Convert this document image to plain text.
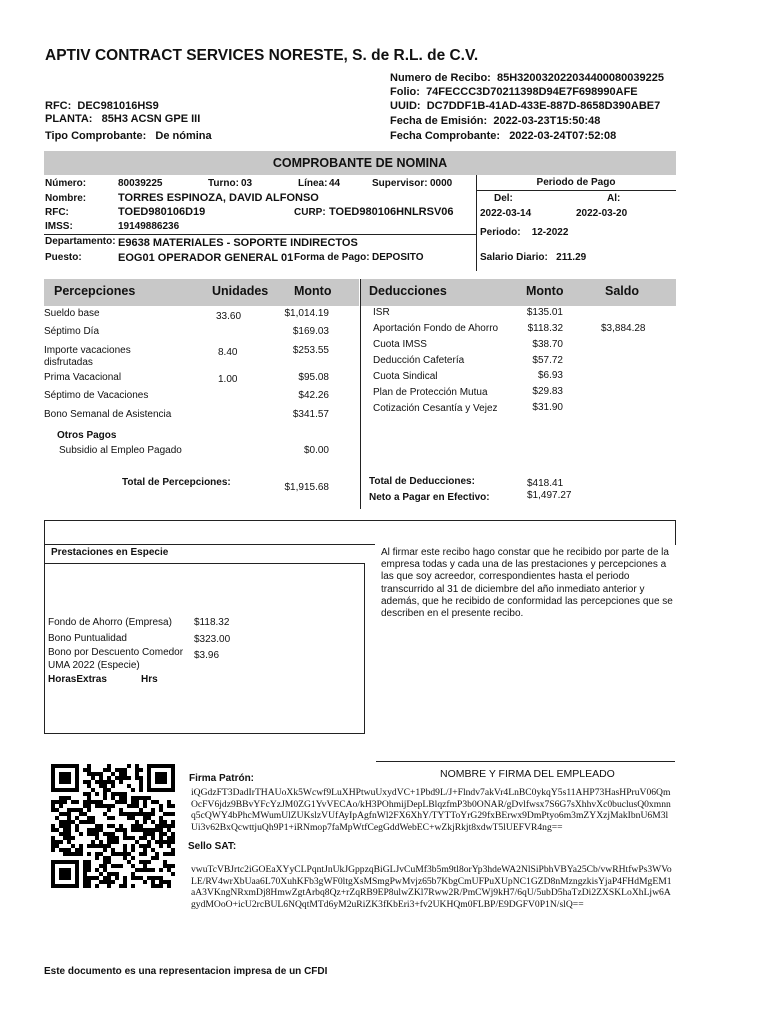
APTIV CONTRACT SERVICES NORESTE, S. de R.L. de C.V.
RFC: DEC981016HS9
PLANTA: 85H3 ACSN GPE III
Tipo Comprobante: De nómina
Numero de Recibo: 85H320032022034400080039225
Folio: 74FECCC3D70211398D94E7F698990AFE
UUID: DC7DDF1B-41AD-433E-887D-8658D390ABE7
Fecha de Emisión: 2022-03-23T15:50:48
Fecha Comprobante: 2022-03-24T07:52:08
COMPROBANTE DE NOMINA
Número:	80039225	Turno: 03	Línea: 44	Supervisor: 0000
Nombre:	TORRES ESPINOZA, DAVID ALFONSO
RFC:	TOED980106D19	CURP: TOED980106HNLRSV06
IMSS:	19149886236
Departamento: E9638 MATERIALES - SOPORTE INDIRECTOS
Puesto:	EOG01 OPERADOR GENERAL 01 Forma de Pago: DEPOSITO
Periodo de Pago
Del:	Al:
2022-03-14	2022-03-20
Periodo: 12-2022
Salario Diario: 211.29
Percepciones	Unidades Monto	Deducciones	Monto	Saldo
Sueldo base	33.60	$1,014.19
Séptimo Día	$169.03
Importe vacaciones
disfrutadas
8.40	$253.55
Prima Vacacional	1.00	$95.08
Séptimo de Vacaciones	$42.26
Bono Semanal de Asistencia	$341.57
Otros Pagos
Subsidio al Empleo Pagado	$0.00
Total de Percepciones:	$1,915.68
ISR	$135.01
Aportación Fondo de Ahorro	$118.32	$3,884.28
Cuota IMSS	$38.70
Deducción Cafetería	$57.72
Cuota Sindical	$6.93
Plan de Protección Mutua	$29.83
Cotización Cesantía y Vejez	$31.90
Total de Deducciones:	$418.41
Neto a Pagar en Efectivo:	$1,497.27
Prestaciones en Especie
Fondo de Ahorro (Empresa) $118.32
Bono Puntualidad	$323.00
Bono por Descuento Comedor
UMA 2022 (Especie)
$3.96
HorasExtras	Hrs
Al firmar este recibo hago constar que he recibido por parte de la empresa todas y cada una de las prestaciones y percepciones a las que soy acreedor, correspondientes hasta el periodo transcurrido al 31 de diciembre del año inmediato anterior y además, que he recibido de conformidad las percepciones que se describen en el presente recibo.
NOMBRE Y FIRMA DEL EMPLEADO
Firma Patrón:
iQGdzFT3DadIrTHAUoXk5Wcwf9LuXHPtwuUxydVC+1Pbd9L/J+Flndv7akVr4LnBC0ykqY5s11AHP73HasHPruV06QmOcFV6jdz9BBvYFcYzJM0ZG1YvVECAo/kH3POhmijDepLBlqzfmP3b0ONAR/gDvlfwsx7S6G7sXhhvXc0buclusQ0xmnnq5cQWY4bPhcMWumUlZUKslzVUfAyIpAgfnWl2FX6XhY/TYTToYrG29fxBErwx9DmPtyo6m3mZYXzjMakIbnU6M3lUi3v62BxQcwttjuQh9P1+iRNmop7faMpWtfCegGddWebEC+wZkjRkjt8xdwT5lUEFVR4ng==
Sello SAT:
vwuTcVBJrtc2iGOEaXYyCLPqntJnUkJGppzqBiGLJvCuMf3b5m9tl8orYp3hdeWA2NlSiPbhVBYa25Cb/vwRHtfwPs3WVoLE/RV4wrXbUaa6L70XuhKFb3gWF0ltgXsMSmgPwMvjz65b7KbgCmUFPuXUpNC1GZD8nMzngzkisYjaP4FHdMgEM1aA3VKngNRxmDj8HmwZgtArbq8Qz+rZqRB9EP8ulwZKl7Rww2R/PmCWj9kH7/6qU/5ubD5haTzDi2ZXSKLoXhLjw6AgydMOoO+icU2rcBUL6NQqtMTd6yM2uRiZK3fKbEri3+fv2UKHQm0FLBP/E9DGFV0P1N/slQ==
Este documento es una representacion impresa de un CFDI
